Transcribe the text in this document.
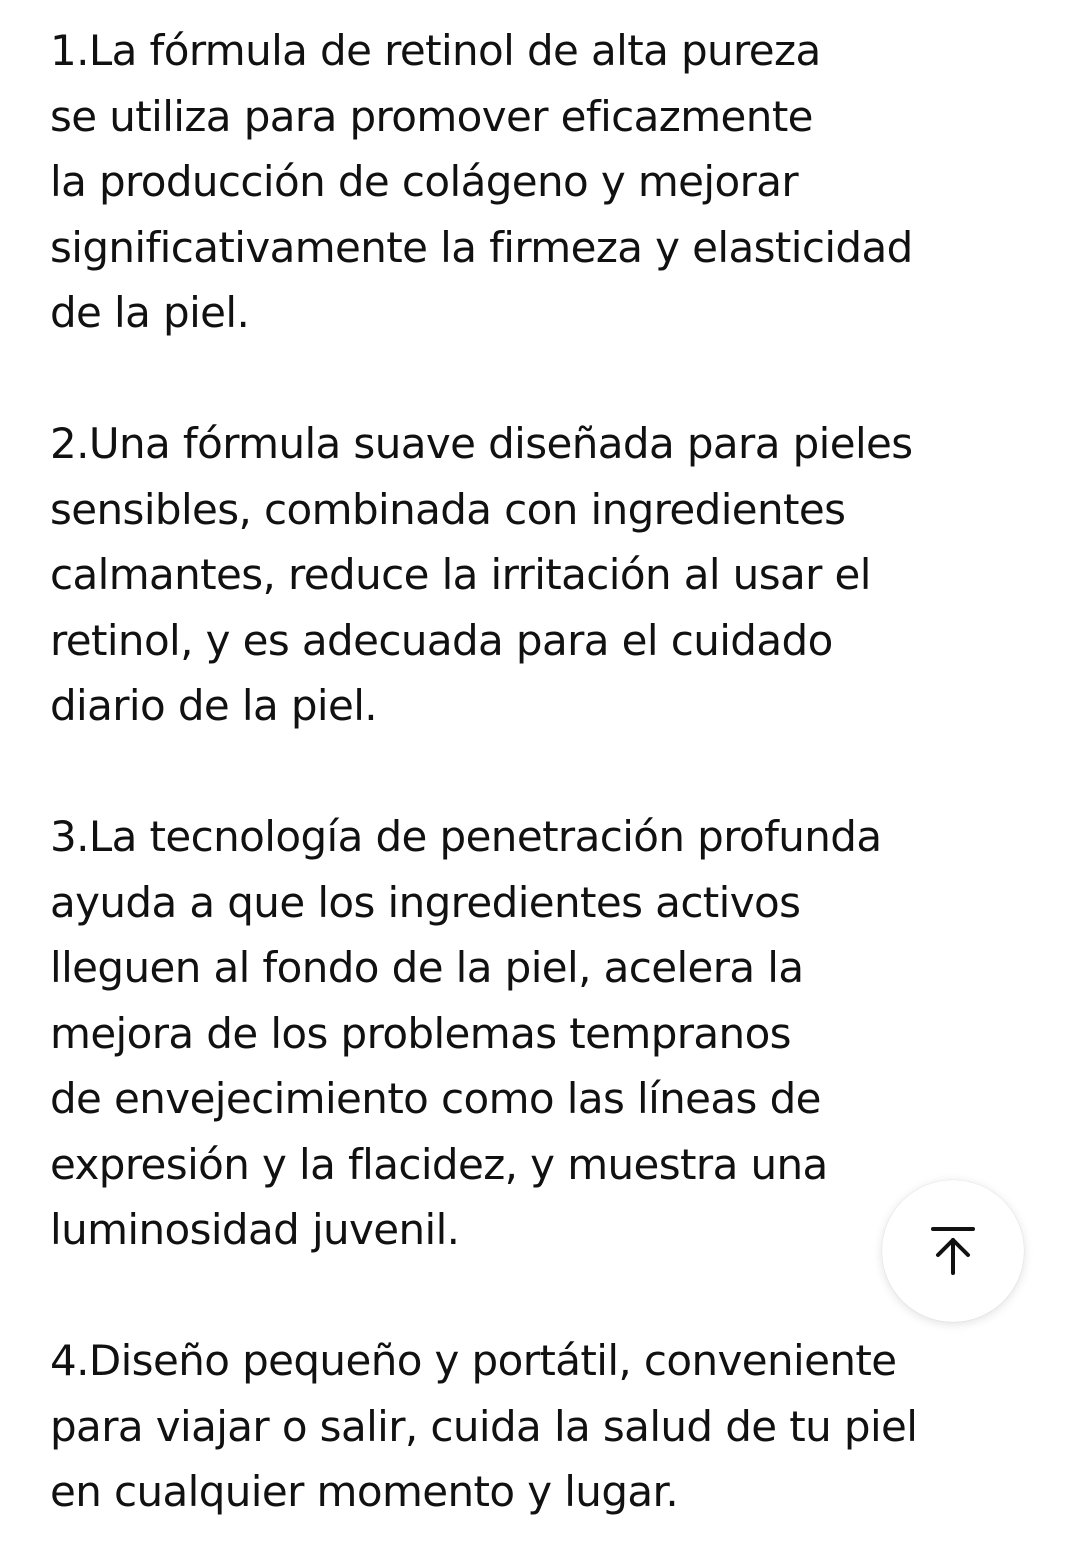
1.La fórmula de retinol de alta pureza
se utiliza para promover eficazmente
la producción de colágeno y mejorar
significativamente la firmeza y elasticidad
de la piel.

2.Una fórmula suave diseñada para pieles
sensibles, combinada con ingredientes
calmantes, reduce la irritación al usar el
retinol, y es adecuada para el cuidado
diario de la piel.

3.La tecnología de penetración profunda
ayuda a que los ingredientes activos
lleguen al fondo de la piel, acelera la
mejora de los problemas tempranos
de envejecimiento como las líneas de
expresión y la flacidez, y muestra una
luminosidad juvenil.

4.Diseño pequeño y portátil, conveniente
para viajar o salir, cuida la salud de tu piel
en cualquier momento y lugar.
